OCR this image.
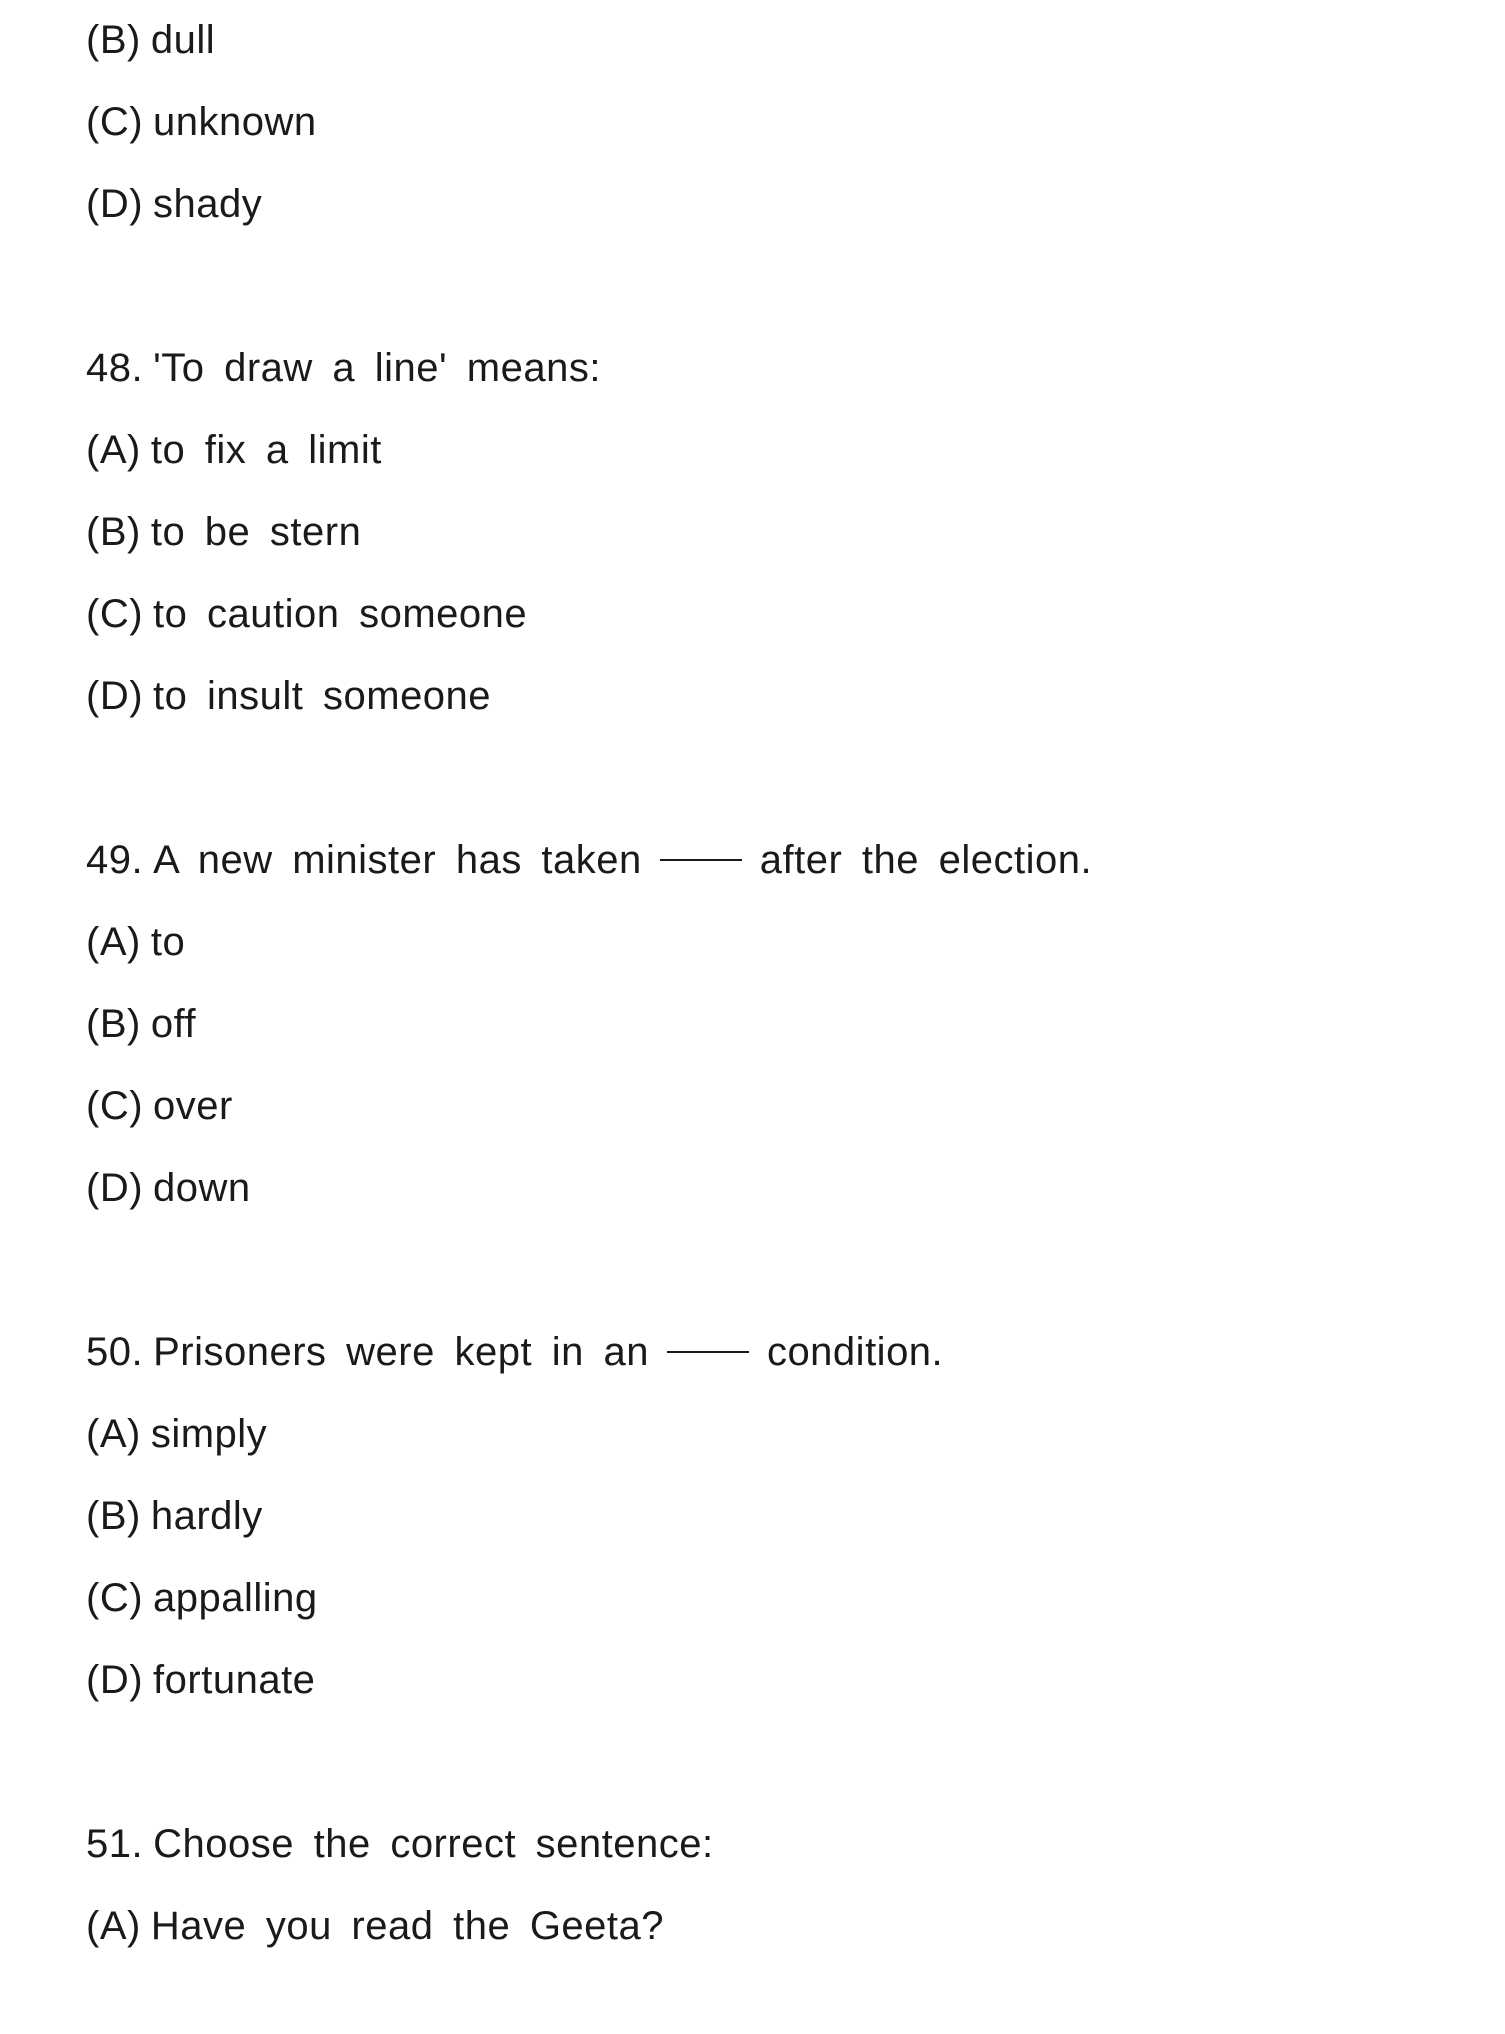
(B) dull
(C) unknown
(D) shady
48. 'To draw a line' means:
(A) to fix a limit
(B) to be stern
(C) to caution someone
(D) to insult someone
49. A new minister has taken	after the election.
(A) to
(B) off
(C) over
(D) down
50. Prisoners were kept in an	condition.
(A) simply
(B) hardly
(C) appalling
(D) fortunate
51. Choose the correct sentence:
(A) Have you read the Geeta?
